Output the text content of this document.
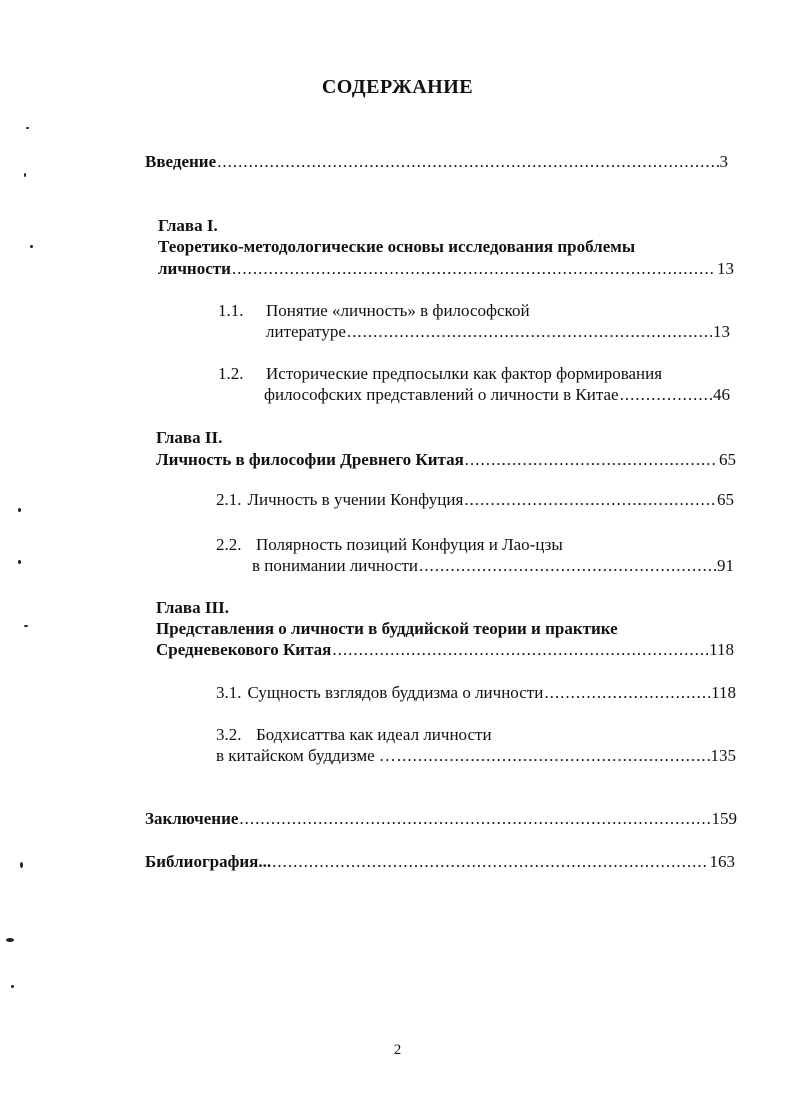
СОДЕРЖАНИЕ
Введение .....	3
Глава I.
Теоретико-методологические основы исследования проблемы
личности .....	13
1.1. Понятие «личность» в философской
литературе .....	13
1.2. Исторические предпосылки как фактор формирования
философских представлений о личности в Китае .....	46
Глава II.
Личность в философии Древнего Китая .....	65
2.1. Личность в учении Конфуция .....	65
2.2. Полярность позиций Конфуция и Лао-цзы
в понимании личности .....	91
Глава III.
Представления о личности в буддийской теории и практике
Средневекового Китая .....	118
3.1. Сущность взглядов буддизма о личности .....	118
3.2. Бодхисаттва как идеал личности
в китайском буддизме … .....	135
Заключение .....	159
Библиография... .....	163
2
